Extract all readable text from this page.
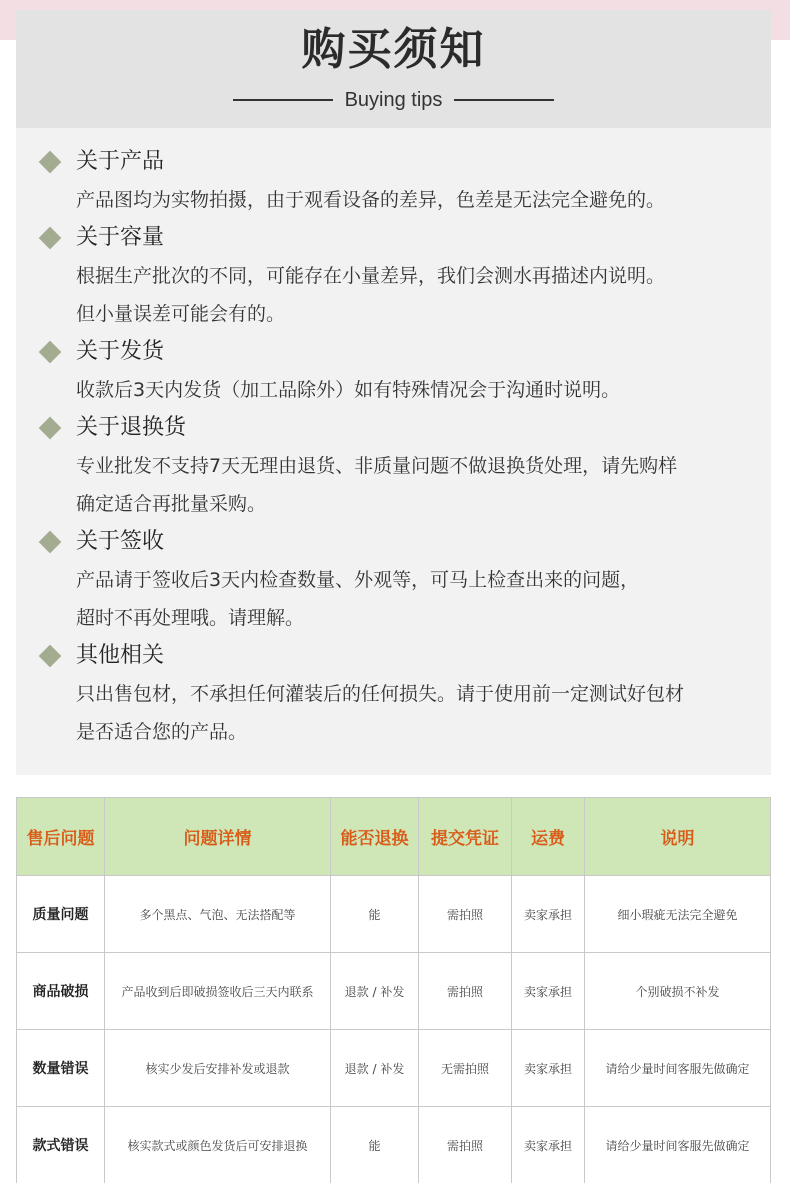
购买须知
Buying tips
关于产品
产品图均为实物拍摄，由于观看设备的差异，色差是无法完全避免的。
关于容量
根据生产批次的不同，可能存在小量差异，我们会测水再描述内说明。
但小量误差可能会有的。
关于发货
收款后3天内发货（加工品除外）如有特殊情况会于沟通时说明。
关于退换货
专业批发不支持7天无理由退货、非质量问题不做退换货处理，请先购样
确定适合再批量采购。
关于签收
产品请于签收后3天内检查数量、外观等，可马上检查出来的问题，
超时不再处理哦。请理解。
其他相关
只出售包材，不承担任何灌装后的任何损失。请于使用前一定测试好包材
是否适合您的产品。
售后问题	问题详情	能否退换	提交凭证	运费	说明
质量问题	多个黑点、气泡、无法搭配等	能	需拍照	卖家承担	细小瑕疵无法完全避免
商品破损	产品收到后即破损签收后三天内联系	退款 / 补发	需拍照	卖家承担	个别破损不补发
数量错误	核实少发后安排补发或退款	退款 / 补发	无需拍照	卖家承担	请给少量时间客服先做确定
款式错误	核实款式或颜色发货后可安排退换	能	需拍照	卖家承担	请给少量时间客服先做确定
